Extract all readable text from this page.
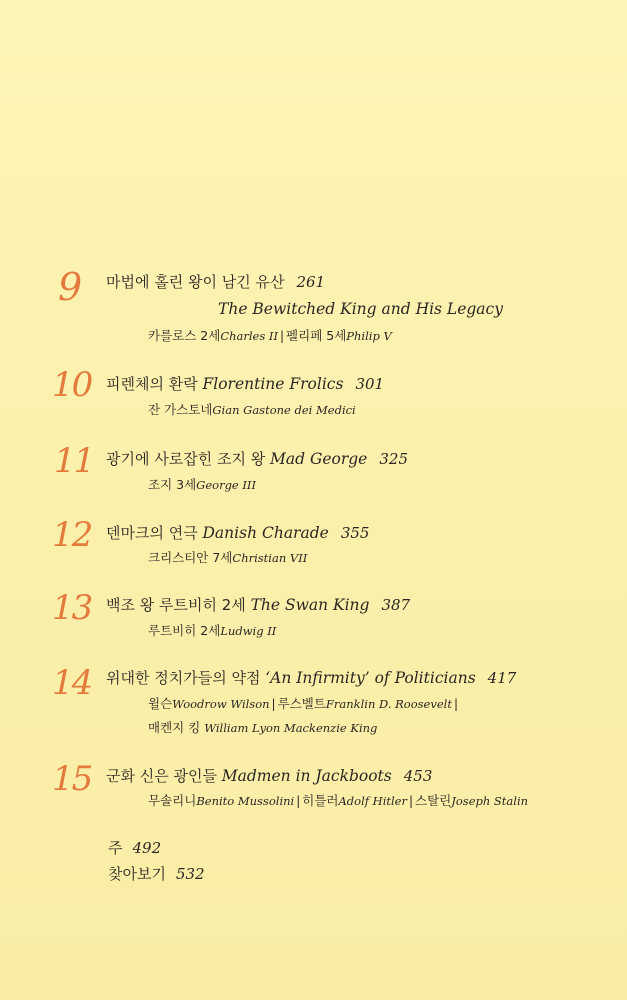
9 마법에 홀린 왕이 남긴 유산 261
The Bewitched King and His Legacy
카를로스 2세Charles II | 펠리페 5세Philip V
10 피렌체의 환락 Florentine Frolics 301
잔 가스토네Gian Gastone dei Medici
11 광기에 사로잡힌 조지 왕 Mad George 325
조지 3세George III
12 덴마크의 연극 Danish Charade 355
크리스티안 7세Christian VII
13 백조 왕 루트비히 2세 The Swan King 387
루트비히 2세Ludwig II
14 위대한 정치가들의 약점 ‘An Infirmity’ of Politicians 417
윌슨Woodrow Wilson | 루스벨트Franklin D. Roosevelt |
매켄지 킹 William Lyon Mackenzie King
15 군화 신은 광인들 Madmen in Jackboots 453
무솔리니Benito Mussolini | 히틀러Adolf Hitler | 스탈린Joseph Stalin
주 492
찾아보기 532
